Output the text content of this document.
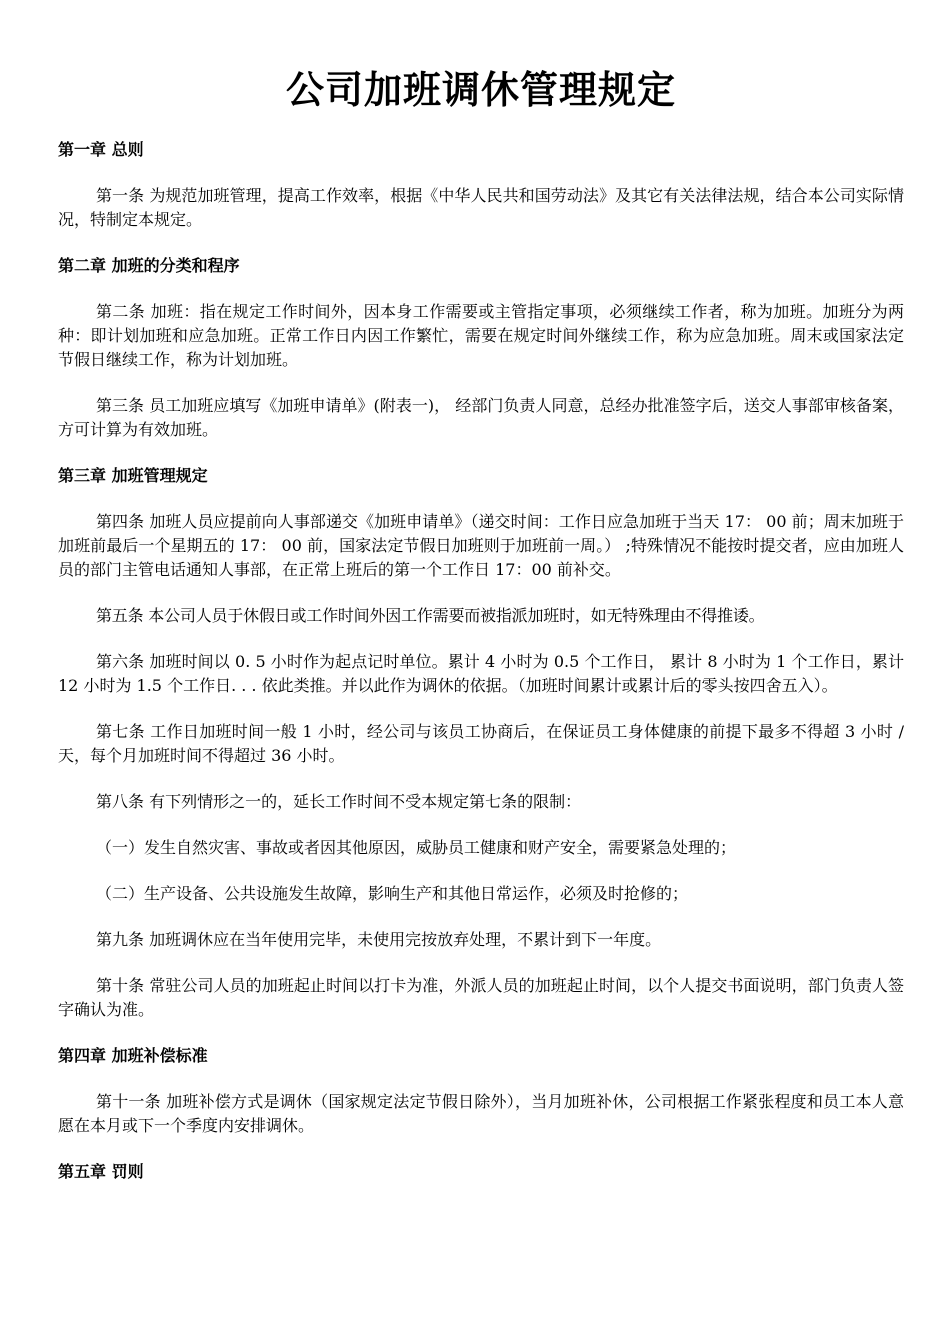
公司加班调休管理规定
第一章 总则

第一条 为规范加班管理，提高工作效率，根据《中华人民共和国劳动法》及其它有关法律法规，结合本公司实际情况，特制定本规定。

第二章 加班的分类和程序

第二条 加班：指在规定工作时间外，因本身工作需要或主管指定事项，必须继续工作者，称为加班。加班分为两种：即计划加班和应急加班。正常工作日内因工作繁忙，需要在规定时间外继续工作，称为应急加班。周末或国家法定节假日继续工作，称为计划加班。

第三条 员工加班应填写《加班申请单》(附表一)， 经部门负责人同意，总经办批准签字后，送交人事部审核备案，方可计算为有效加班。

第三章 加班管理规定

第四条 加班人员应提前向人事部递交《加班申请单》（递交时间：工作日应急加班于当天 17： 00 前；周末加班于加班前最后一个星期五的 17： 00 前，国家法定节假日加班则于加班前一周。） ;特殊情况不能按时提交者，应由加班人员的部门主管电话通知人事部，在正常上班后的第一个工作日 17：00 前补交。

第五条 本公司人员于休假日或工作时间外因工作需要而被指派加班时，如无特殊理由不得推诿。

第六条 加班时间以 0. 5 小时作为起点记时单位。累计 4 小时为 0.5 个工作日， 累计 8 小时为 1 个工作日，累计 12 小时为 1.5 个工作日. . . 依此类推。并以此作为调休的依据。（加班时间累计或累计后的零头按四舍五入）。

第七条 工作日加班时间一般 1 小时，经公司与该员工协商后，在保证员工身体健康的前提下最多不得超 3 小时 / 天，每个月加班时间不得超过 36 小时。

第八条 有下列情形之一的，延长工作时间不受本规定第七条的限制：

（一）发生自然灾害、事故或者因其他原因，威胁员工健康和财产安全，需要紧急处理的；

（二）生产设备、公共设施发生故障，影响生产和其他日常运作，必须及时抢修的；

第九条 加班调休应在当年使用完毕，未使用完按放弃处理，不累计到下一年度。

第十条 常驻公司人员的加班起止时间以打卡为准，外派人员的加班起止时间，以个人提交书面说明，部门负责人签字确认为准。

第四章 加班补偿标准

第十一条 加班补偿方式是调休（国家规定法定节假日除外），当月加班补休，公司根据工作紧张程度和员工本人意愿在本月或下一个季度内安排调休。

第五章 罚则
